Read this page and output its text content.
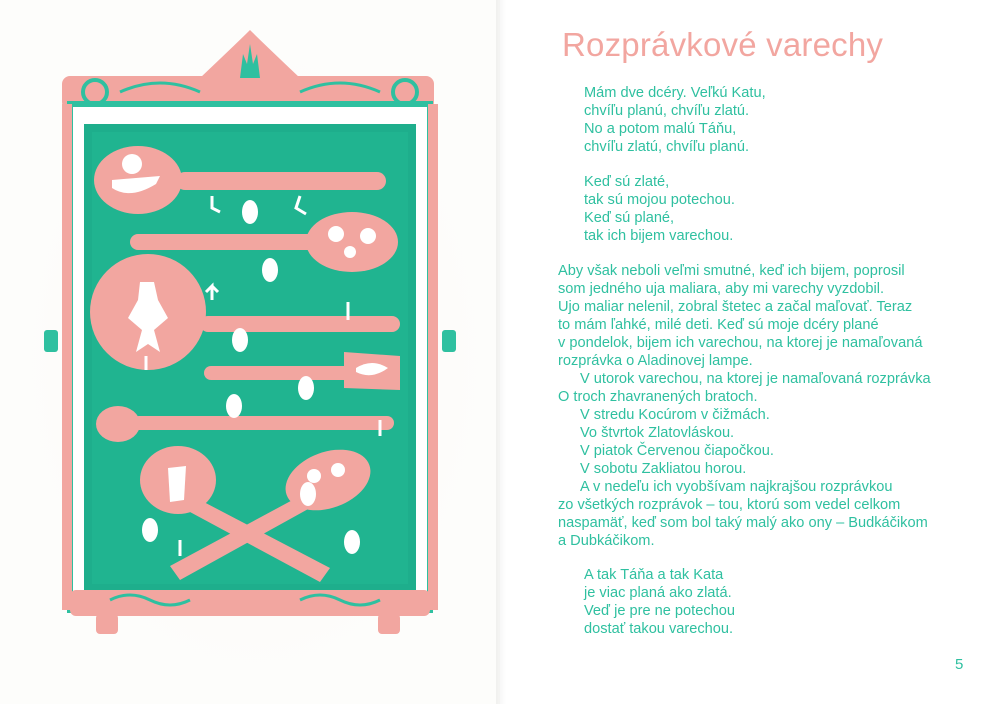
Rozprávkové varechy
Mám dve dcéry. Veľkú Katu,
chvíľu planú, chvíľu zlatú.
No a potom malú Táňu,
chvíľu zlatú, chvíľu planú.
Keď sú zlaté,
tak sú mojou potechou.
Keď sú plané,
tak ich bijem varechou.
Aby však neboli veľmi smutné, keď ich bijem, poprosil
som jedného uja maliara, aby mi varechy vyzdobil.
Ujo maliar nelenil, zobral štetec a začal maľovať. Teraz
to mám ľahké, milé deti. Keď sú moje dcéry plané
v pondelok, bijem ich varechou, na ktorej je namaľovaná
rozprávka o Aladinovej lampe.
V utorok varechou, na ktorej je namaľovaná rozprávka
O troch zhavranených bratoch.
V stredu Kocúrom v čižmách.
Vo štvrtok Zlatovláskou.
V piatok Červenou čiapočkou.
V sobotu Zakliatou horou.
A v nedeľu ich vyobšívam najkrajšou rozprávkou
zo všetkých rozprávok – tou, ktorú som vedel celkom
naspamäť, keď som bol taký malý ako ony – Budkáčikom
a Dubkáčikom.
A tak Táňa a tak Kata
je viac planá ako zlatá.
Veď je pre ne potechou
dostať takou varechou.
5
